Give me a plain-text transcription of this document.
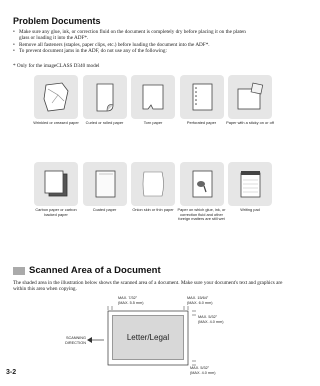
Problem Documents
• Make sure any glue, ink, or correction fluid on the document is completely dry before placing it on the platen
glass or loading it into the ADF*.
• Remove all fasteners (staples, paper clips, etc.) before loading the document into the ADF*.
• To prevent document jams in the ADF, do not use any of the following:
* Only for the imageCLASS D340 model
Wrinkled or creased paper	Curled or rolled paper	Torn paper	Perforated paper	Paper with a sticky on or off
Carbon paper or carbon backed paper
Coated paper	Onion skin or thin paper Paper on which glue, ink, or correction fluid and other foreign matters are still wet
Writing pad
Scanned Area of a Document
The shaded area in the illustration below shows the scanned area of a document. Make sure your document's text and graphics are within this area when copying.
Letter/Legal
MAX. 7/32"
(MAX. 5.5 mm)
MAX. 15/64"
(MAX. 6.0 mm)
MAX. 5/32"
(MAX. 4.0 mm)
MAX. 5/32"
(MAX. 4.0 mm)
SCANNING
DIRECTION
3-2
